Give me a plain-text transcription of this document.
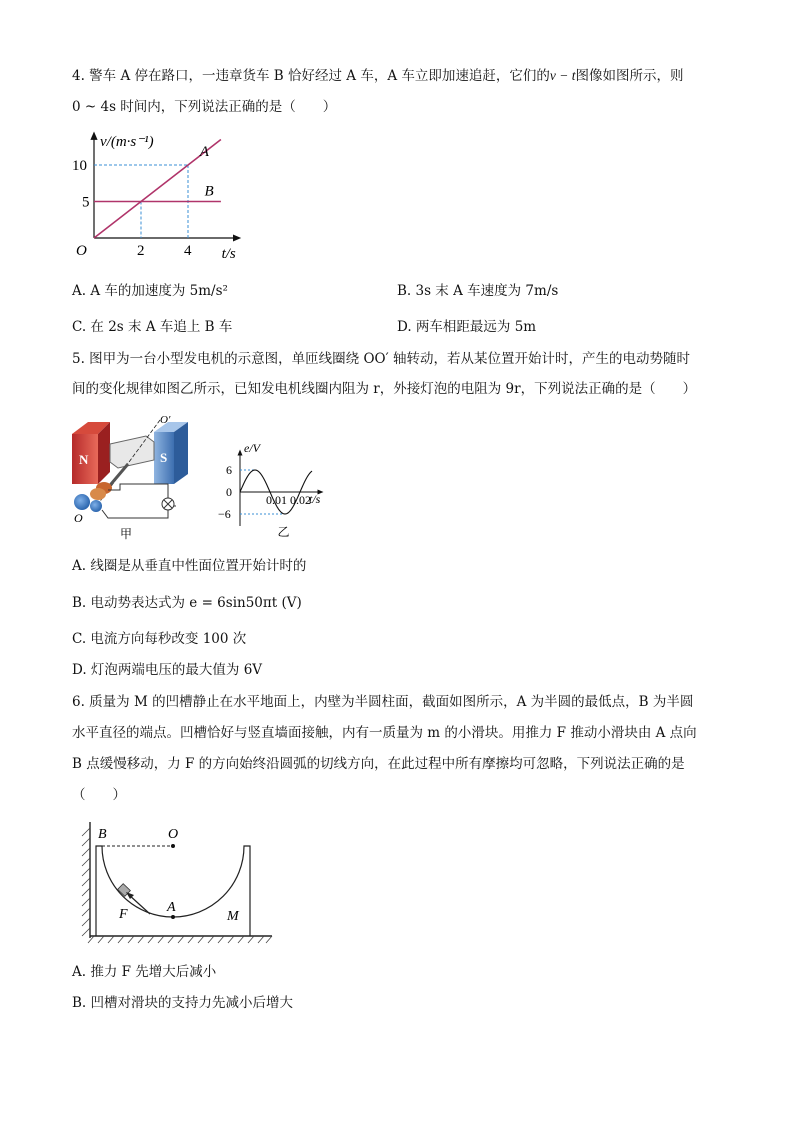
4. 警车 A 停在路口，一违章货车 B 恰好经过 A 车，A 车立即加速追赶，它们的v − t图像如图所示，则
0 ~ 4s 时间内，下列说法正确的是（　　）
B
A
2	4
5
10
O
v/(m·s⁻¹)
t/s
A. A 车的加速度为 5m/s²	B. 3s 末 A 车速度为 7m/s
C. 在 2s 末 A 车追上 B 车	D. 两车相距最远为 5m
5. 图甲为一台小型发电机的示意图，单匝线圈绕 OO′ 轴转动，若从某位置开始计时，产生的电动势随时
间的变化规律如图乙所示，已知发电机线圈内阻为 r，外接灯泡的电阻为 9r，下列说法正确的是（　　）
N	S
O′
O
甲
e/V
t/s
6
0
−6
0.01 0.02
乙
A. 线圈是从垂直中性面位置开始计时的
B. 电动势表达式为 e = 6sin50πt (V)
C. 电流方向每秒改变 100 次
D. 灯泡两端电压的最大值为 6V
6. 质量为 M 的凹槽静止在水平地面上，内壁为半圆柱面，截面如图所示，A 为半圆的最低点，B 为半圆
水平直径的端点。凹槽恰好与竖直墙面接触，内有一质量为 m 的小滑块。用推力 F 推动小滑块由 A 点向
B 点缓慢移动，力 F 的方向始终沿圆弧的切线方向，在此过程中所有摩擦均可忽略，下列说法正确的是
（　　）
B	O
A
F	M
A. 推力 F 先增大后减小
B. 凹槽对滑块的支持力先减小后增大
